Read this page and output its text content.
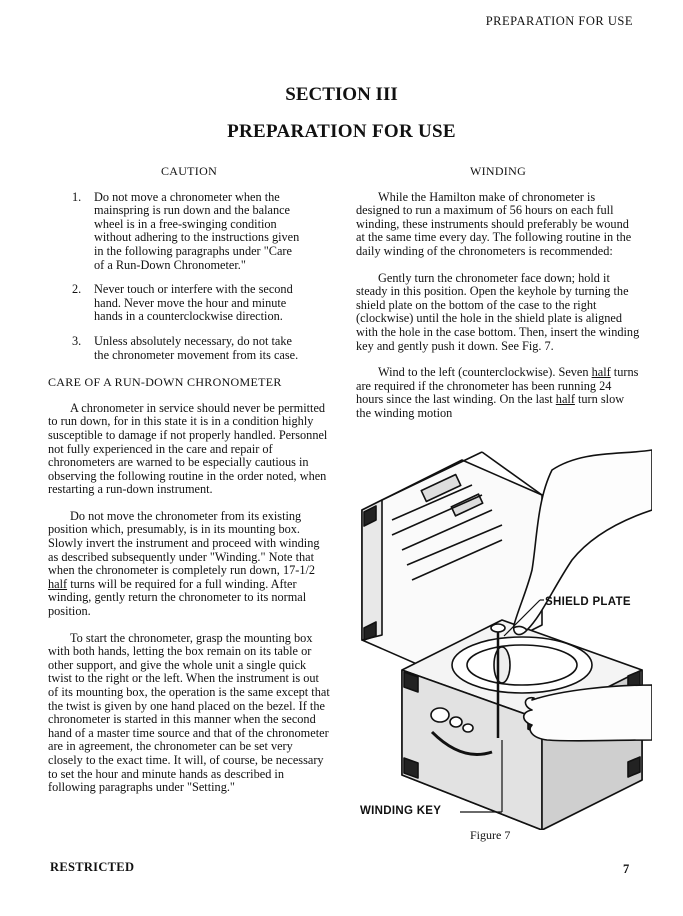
PREPARATION FOR USE
SECTION III
PREPARATION FOR USE
CAUTION
1.	Do not move a chronometer when the mainspring is run down and the balance wheel is in a free-swinging condition without adhering to the instructions given in the following paragraphs under "Care of a Run-Down Chronometer."
2.	Never touch or interfere with the second hand. Never move the hour and minute hands in a counterclockwise direction.
3.	Unless absolutely necessary, do not take the chronometer movement from its case.
CARE OF A RUN-DOWN CHRONOMETER

A chronometer in service should never be permitted to run down, for in this state it is in a condition highly susceptible to damage if not properly handled. Personnel not fully experienced in the care and repair of chronometers are warned to be especially cautious in observing the following routine in the order noted, when restarting a run-down instrument.

Do not move the chronometer from its existing position which, presumably, is in its mounting box. Slowly invert the instrument and proceed with winding as described subsequently under "Winding." Note that when the chronometer is completely run down, 17-1/2 half turns will be required for a full winding. After winding, gently return the chronometer to its normal position.

To start the chronometer, grasp the mounting box with both hands, letting the box remain on its table or other support, and give the whole unit a single quick twist to the right or the left. When the instrument is out of its mounting box, the operation is the same except that the twist is given by one hand placed on the bezel. If the chronometer is started in this manner when the second hand of a master time source and that of the chronometer are in agreement, the chronometer can be set very closely to the exact time. It will, of course, be necessary to set the hour and minute hands as described in following paragraphs under "Setting."

WINDING

While the Hamilton make of chronometer is designed to run a maximum of 56 hours on each full winding, these instruments should preferably be wound at the same time every day. The following routine in the daily winding of the chronometers is recommended:

Gently turn the chronometer face down; hold it steady in this position. Open the keyhole by turning the shield plate on the bottom of the case to the right (clockwise) until the hole in the shield plate is aligned with the hole in the case bottom. Then, insert the winding key and gently push it down. See Fig. 7.

Wind to the left (counterclockwise). Seven half turns are required if the chronometer has been running 24 hours since the last winding. On the last half turn slow the winding motion

SHIELD PLATE
WINDING KEY
Figure 7
RESTRICTED	7
